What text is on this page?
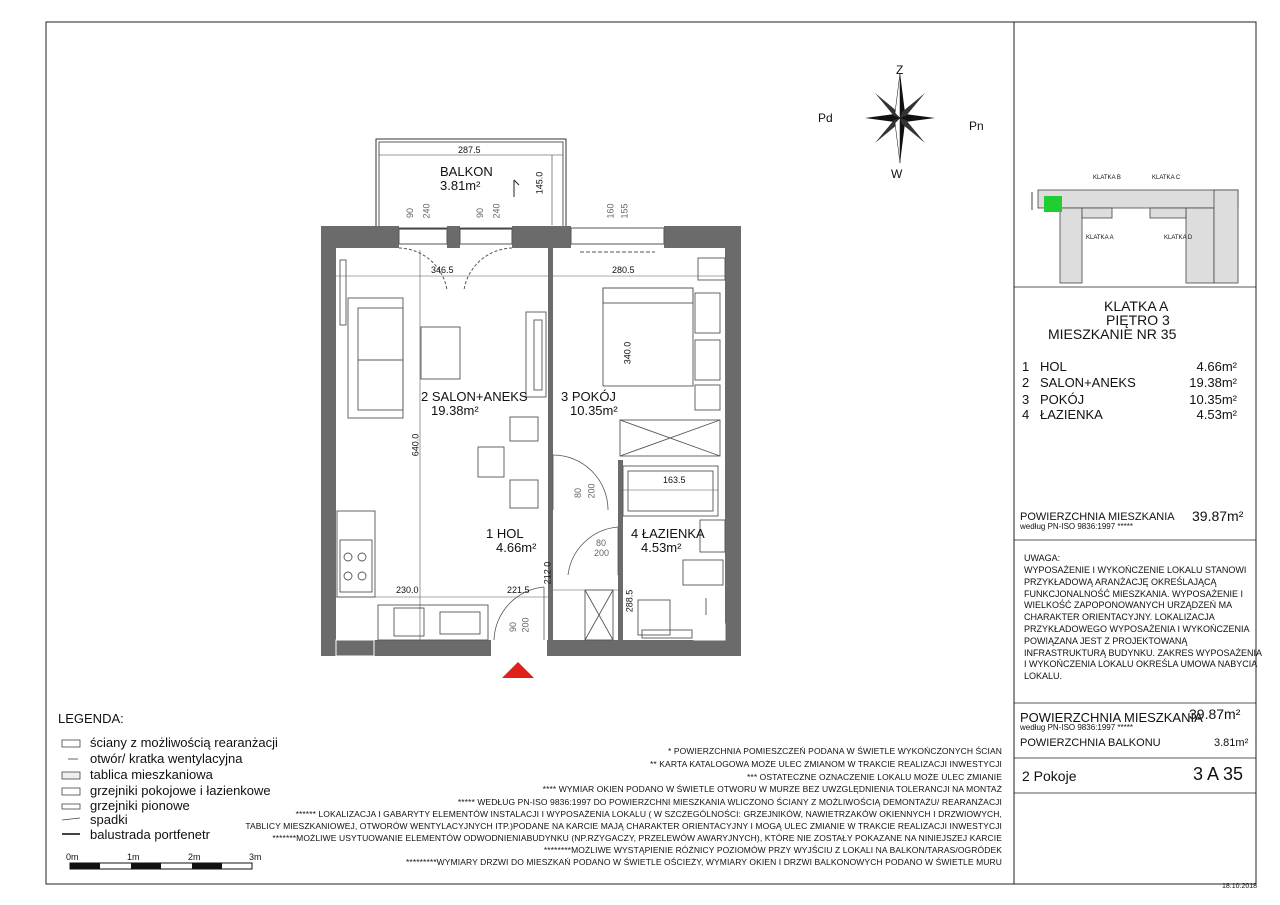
Z
Pn
Pd
W
287.5
145.0
BALKON
3.81m²
90 240	90 240	160 155
346.5	280.5
340.0
640.0
230.0	221.5
212.0
163.5
288.5
80 200
80
200
90 200
2 SALON+ANEKS
19.38m²
3 POKÓJ
10.35m²
1 HOL
4.66m²
4 ŁAZIENKA
4.53m²
KLATKA B	KLATKA C
KLATKA A	KLATKA D
KLATKA A
PIĘTRO 3
MIESZKANIE NR 35
1 HOL	4.66m²
2 SALON+ANEKS	19.38m²
3 POKÓJ	10.35m²
4 ŁAZIENKA	4.53m²
POWIERZCHNIA MIESZKANIA
według PN-ISO 9836:1997 *****
39.87m²
UWAGA:
WYPOSAŻENIE I WYKOŃCZENIE LOKALU STANOWI
PRZYKŁADOWĄ ARANŻACJĘ OKREŚLAJĄCĄ
FUNKCJONALNOŚĆ MIESZKANIA. WYPOSAŻENIE I
WIELKOŚĆ ZAPOPONOWANYCH URZĄDZEŃ MA
CHARAKTER ORIENTACYJNY. LOKALIZACJA
PRZYKŁADOWEGO WYPOSAŻENIA I WYKOŃCZENIA
POWIĄZANA JEST Z PROJEKTOWANĄ
INFRASTRUKTURĄ BUDYNKU. ZAKRES WYPOSAŻENIA
I WYKOŃCZENIA LOKALU OKREŚLA UMOWA NABYCIA
LOKALU.
POWIERZCHNIA MIESZKANIA
według PN-ISO 9836:1997 *****
39.87m²
POWIERZCHNIA BALKONU	3.81m²
2 Pokoje	3 A 35
18.10.2018
LEGENDA:
ściany z możliwością rearanżacji
otwór/ kratka wentylacyjna
tablica mieszkaniowa
grzejniki pokojowe i łazienkowe
grzejniki pionowe
spadki
balustrada portfenetr
0m	1m	2m	3m
* POWIERZCHNIA POMIESZCZEŃ PODANA W ŚWIETLE WYKOŃCZONYCH ŚCIAN
** KARTA KATALOGOWA MOŻE ULEC ZMIANOM W TRAKCIE REALIZACJI INWESTYCJI
*** OSTATECZNE OZNACZENIE LOKALU MOŻE ULEC ZMIANIE
**** WYMIAR OKIEN PODANO W ŚWIETLE OTWORU W MURZE BEZ UWZGLĘDNIENIA TOLERANCJI NA MONTAŻ
***** WEDŁUG PN-ISO 9836:1997 DO POWIERZCHNI MIESZKANIA WLICZONO ŚCIANY Z MOŻLIWOŚCIĄ DEMONTAŻU/ REARANŻACJI
****** LOKALIZACJA I GABARYTY ELEMENTÓW INSTALACJI I WYPOSAŻENIA LOKALU ( W SZCZEGÓLNOŚCI: GRZEJNIKÓW, NAWIETRZAKÓW OKIENNYCH I DRZWIOWYCH,
TABLICY MIESZKANIOWEJ, OTWORÓW WENTYLACYJNYCH ITP.)PODANE NA KARCIE MAJĄ CHARAKTER ORIENTACYJNY I MOGĄ ULEC ZMIANIE W TRAKCIE REALIZACJI INWESTYCJI
*******MOŻLIWE USYTUOWANIE ELEMENTÓW ODWODNIENIABUDYNKU (NP.RZYGACZY, PRZELEWÓW AWARYJNYCH), KTÓRE NIE ZOSTAŁY POKAZANE NA NINIEJSZEJ KARCIE
********MOŻLIWE WYSTĄPIENIE RÓŻNICY POZIOMÓW PRZY WYJŚCIU Z LOKALI NA BALKON/TARAS/OGRÓDEK
*********WYMIARY DRZWI DO MIESZKAŃ PODANO W ŚWIETLE OŚCIEŻY, WYMIARY OKIEN I DRZWI BALKONOWYCH PODANO W ŚWIETLE MURU
